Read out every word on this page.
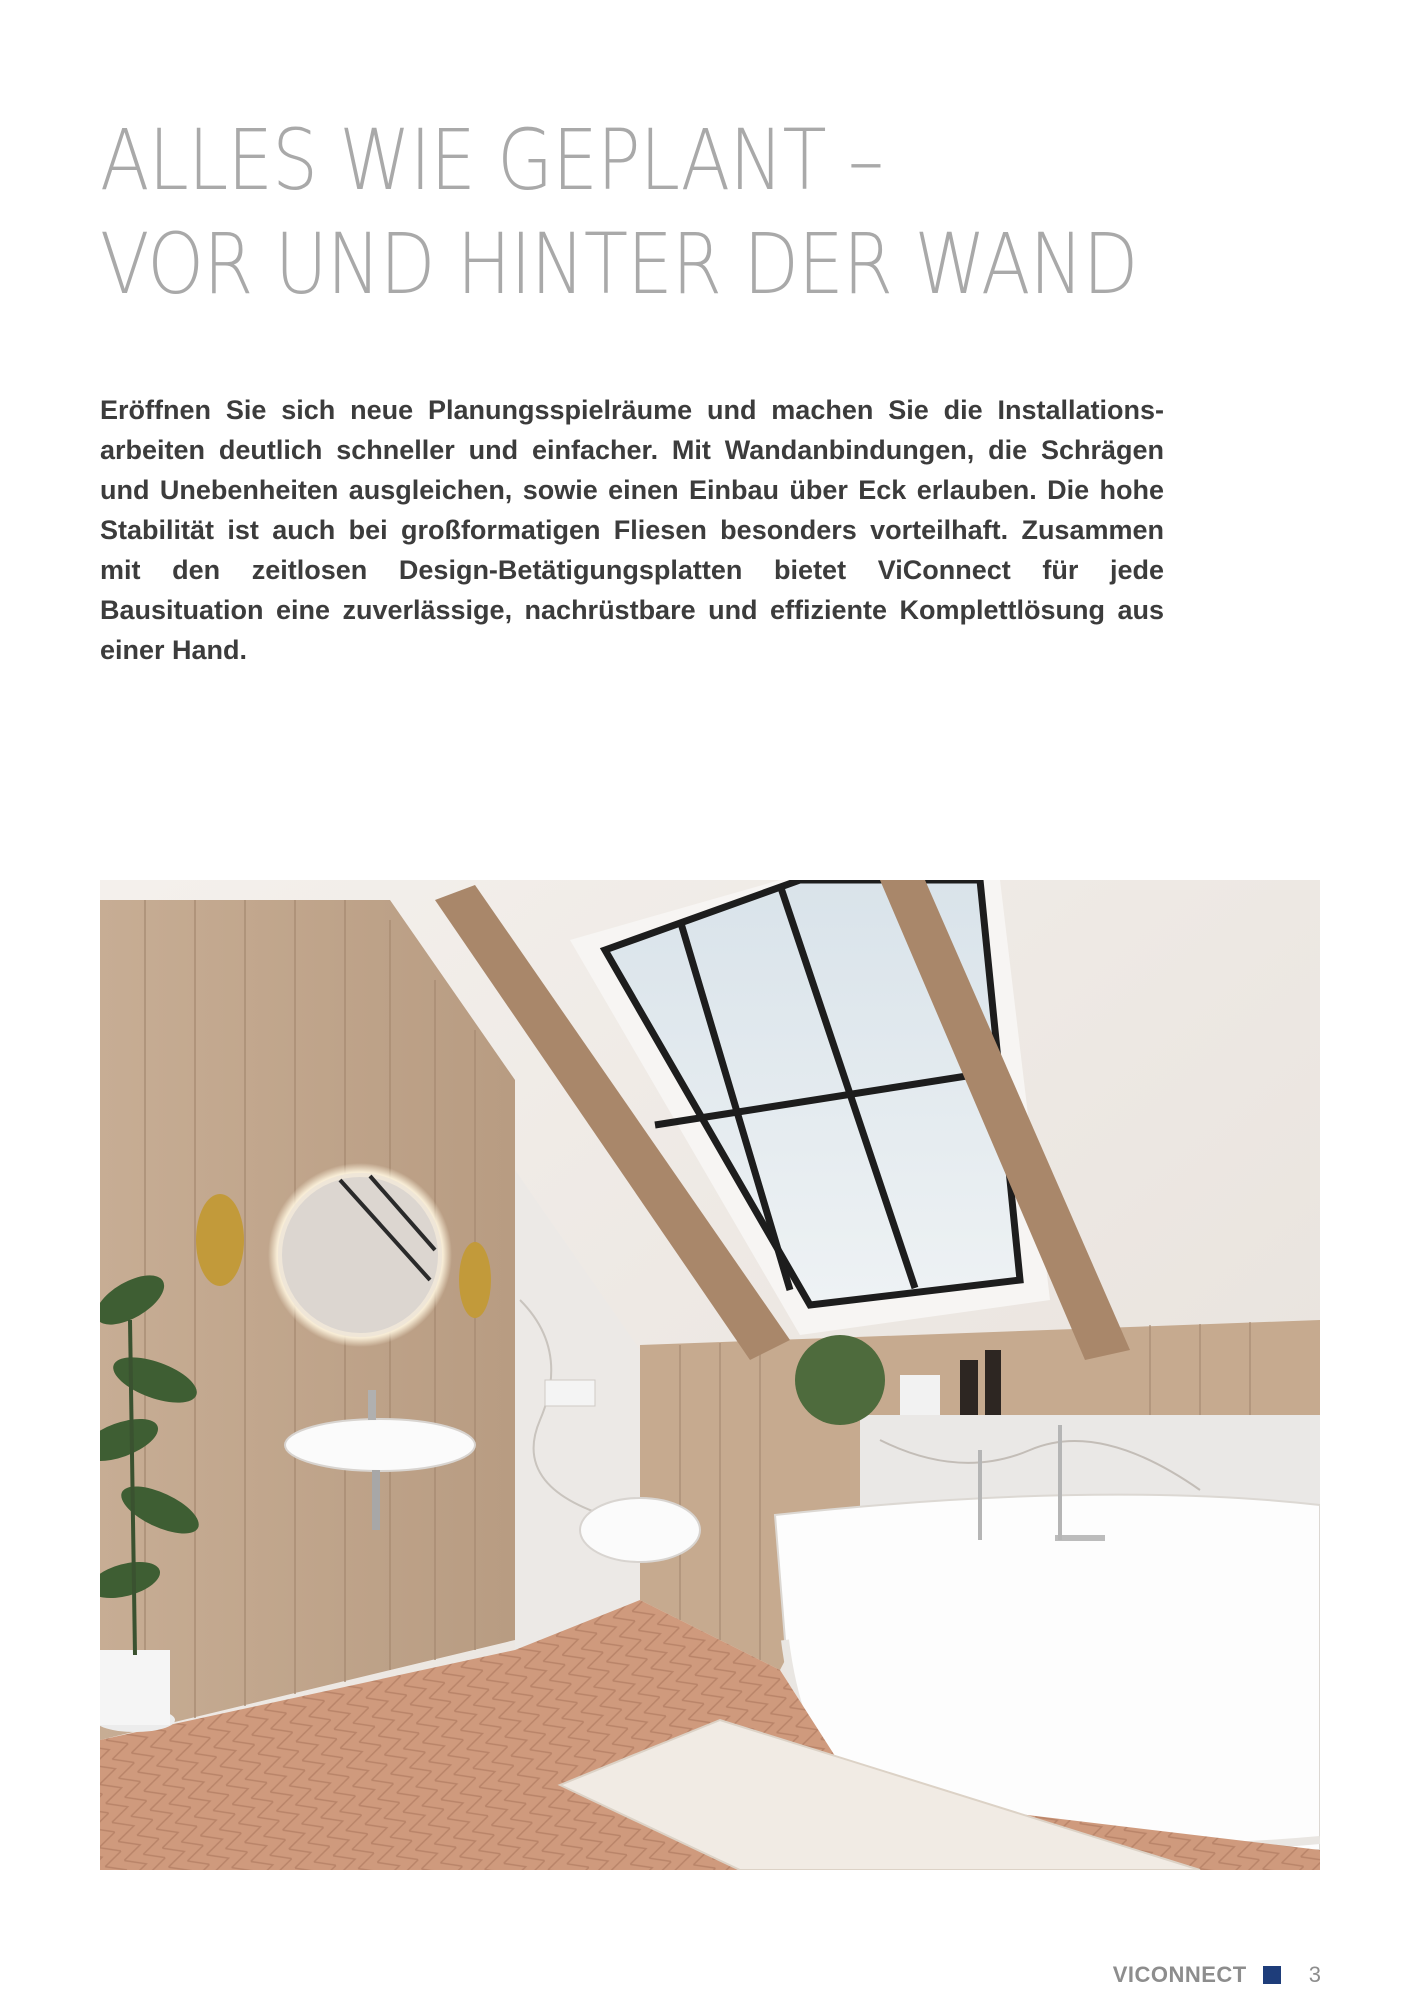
ALLES WIE GEPLANT –
VOR UND HINTER DER WAND

Eröffnen Sie sich neue Planungsspielräume und machen Sie die Installationsarbeiten deutlich schneller und einfacher. Mit Wandanbindungen, die Schrägen und Unebenheiten ausgleichen, sowie einen Einbau über Eck erlauben. Die hohe Stabilität ist auch bei großformatigen Fliesen besonders vorteilhaft. Zusammen mit den zeitlosen Design-Betätigungsplatten bietet ViConnect für jede Bausituation eine zuverlässige, nachrüstbare und effiziente Komplettlösung aus einer Hand.

VICONNECT	3
